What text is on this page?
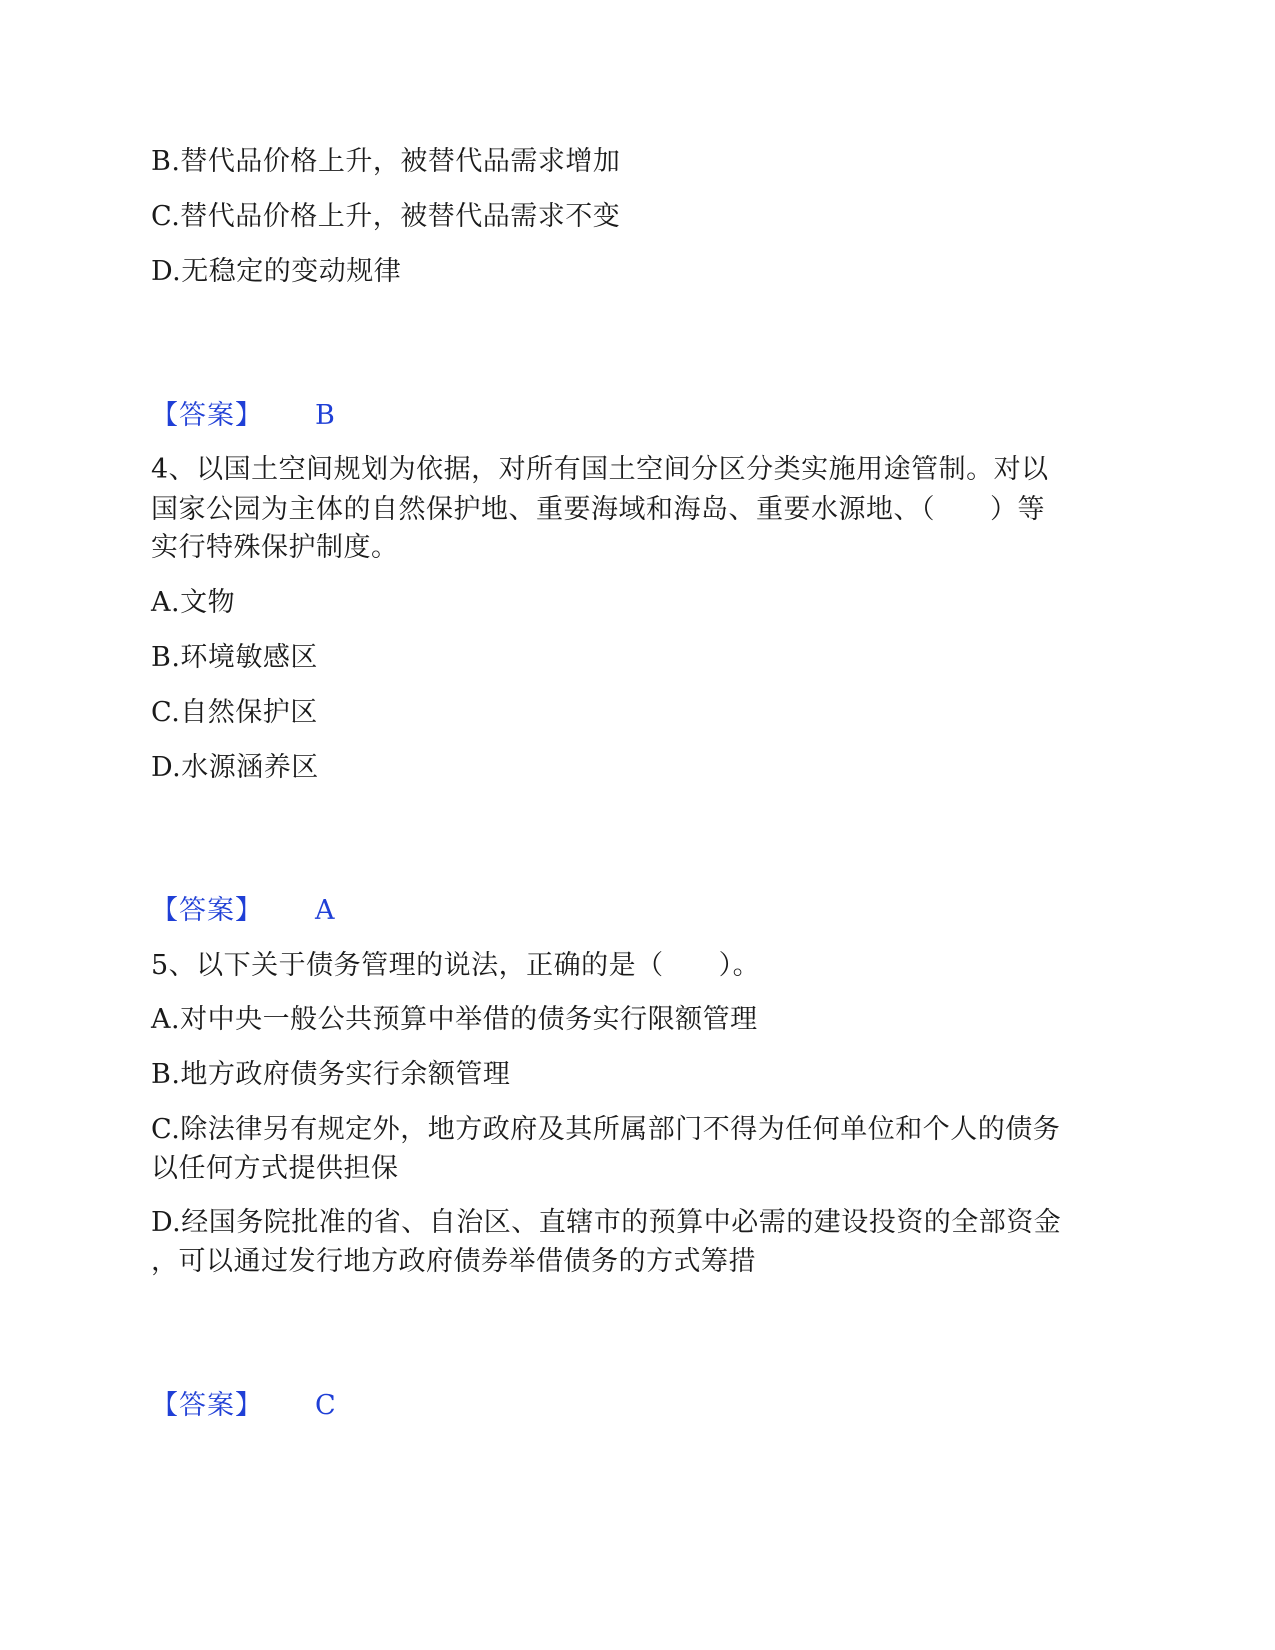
B.替代品价格上升，被替代品需求增加
C.替代品价格上升，被替代品需求不变
D.无稳定的变动规律
【答案】 B
4、以国土空间规划为依据，对所有国土空间分区分类实施用途管制。对以
国家公园为主体的自然保护地、重要海域和海岛、重要水源地、（　　）等
实行特殊保护制度。
A.文物
B.环境敏感区
C.自然保护区
D.水源涵养区
【答案】 A
5、以下关于债务管理的说法，正确的是（　　）。
A.对中央一般公共预算中举借的债务实行限额管理
B.地方政府债务实行余额管理
C.除法律另有规定外，地方政府及其所属部门不得为任何单位和个人的债务
以任何方式提供担保
D.经国务院批准的省、自治区、直辖市的预算中必需的建设投资的全部资金
，可以通过发行地方政府债券举借债务的方式筹措
【答案】 C
